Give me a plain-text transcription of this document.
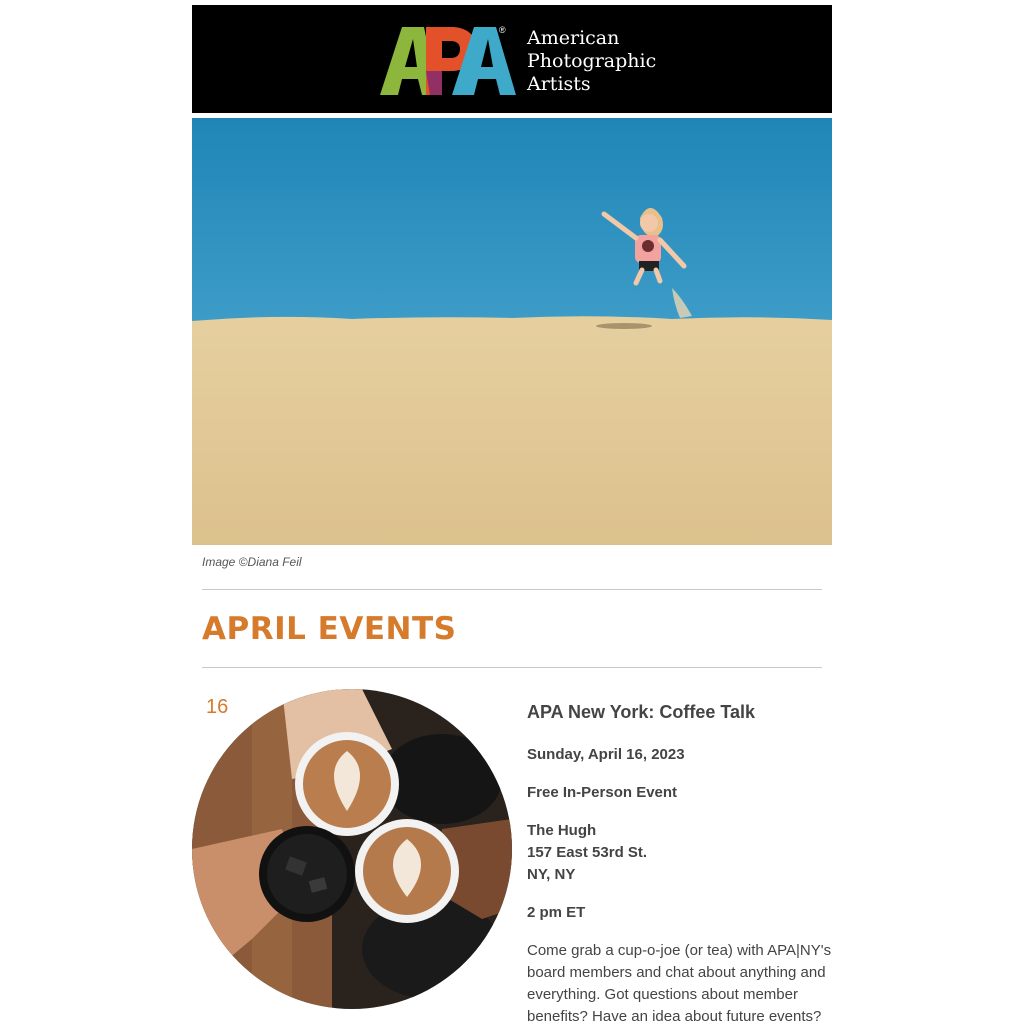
® American
Photographic
Artists
Image ©Diana Feil
APRIL EVENTS
16	APA New York: Coffee Talk
Sunday, April 16, 2023
Free In-Person Event
The Hugh
157 East 53rd St.
NY, NY
2 pm ET
Come grab a cup-o-joe (or tea) with APA|NY's board members and chat about anything and everything. Got questions about member benefits? Have an idea about future events?
